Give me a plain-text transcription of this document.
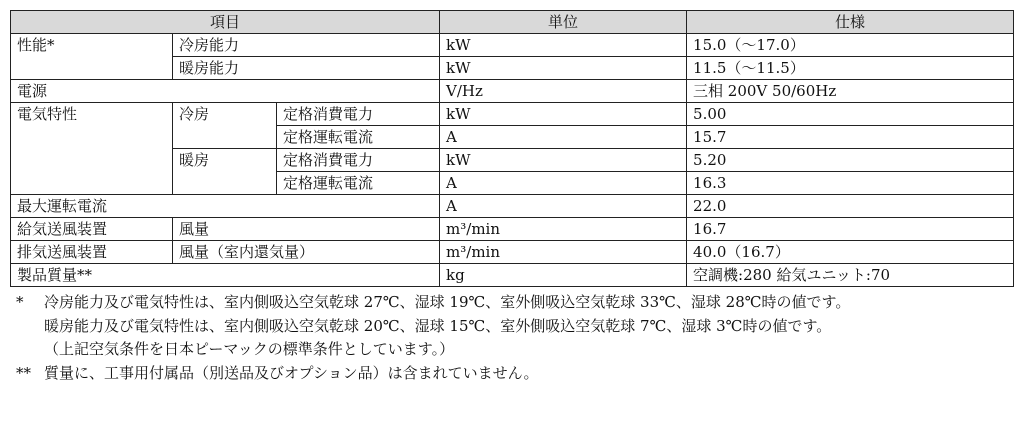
項目			単位	仕様
性能*	冷房能力		kW	15.0（～17.0）
	暖房能力		kW	11.5（～11.5）
電源			V/Hz	三相 200V 50/60Hz
電気特性	冷房	定格消費電力	kW	5.00
		定格運転電流	A	15.7
	暖房	定格消費電力	kW	5.20
		定格運転電流	A	16.3
最大運転電流			A	22.0
給気送風装置	風量		m³/min	16.7
排気送風装置	風量（室内還気量）		m³/min	40.0（16.7）
製品質量**			kg	空調機:280 給気ユニット:70
*	冷房能力及び電気特性は、室内側吸込空気乾球 27℃、湿球 19℃、室外側吸込空気乾球 33℃、湿球 28℃時の値です。
暖房能力及び電気特性は、室内側吸込空気乾球 20℃、湿球 15℃、室外側吸込空気乾球 7℃、湿球 3℃時の値です。
（上記空気条件を日本ピーマックの標準条件としています。）
** 質量に、工事用付属品（別送品及びオプション品）は含まれていません。
